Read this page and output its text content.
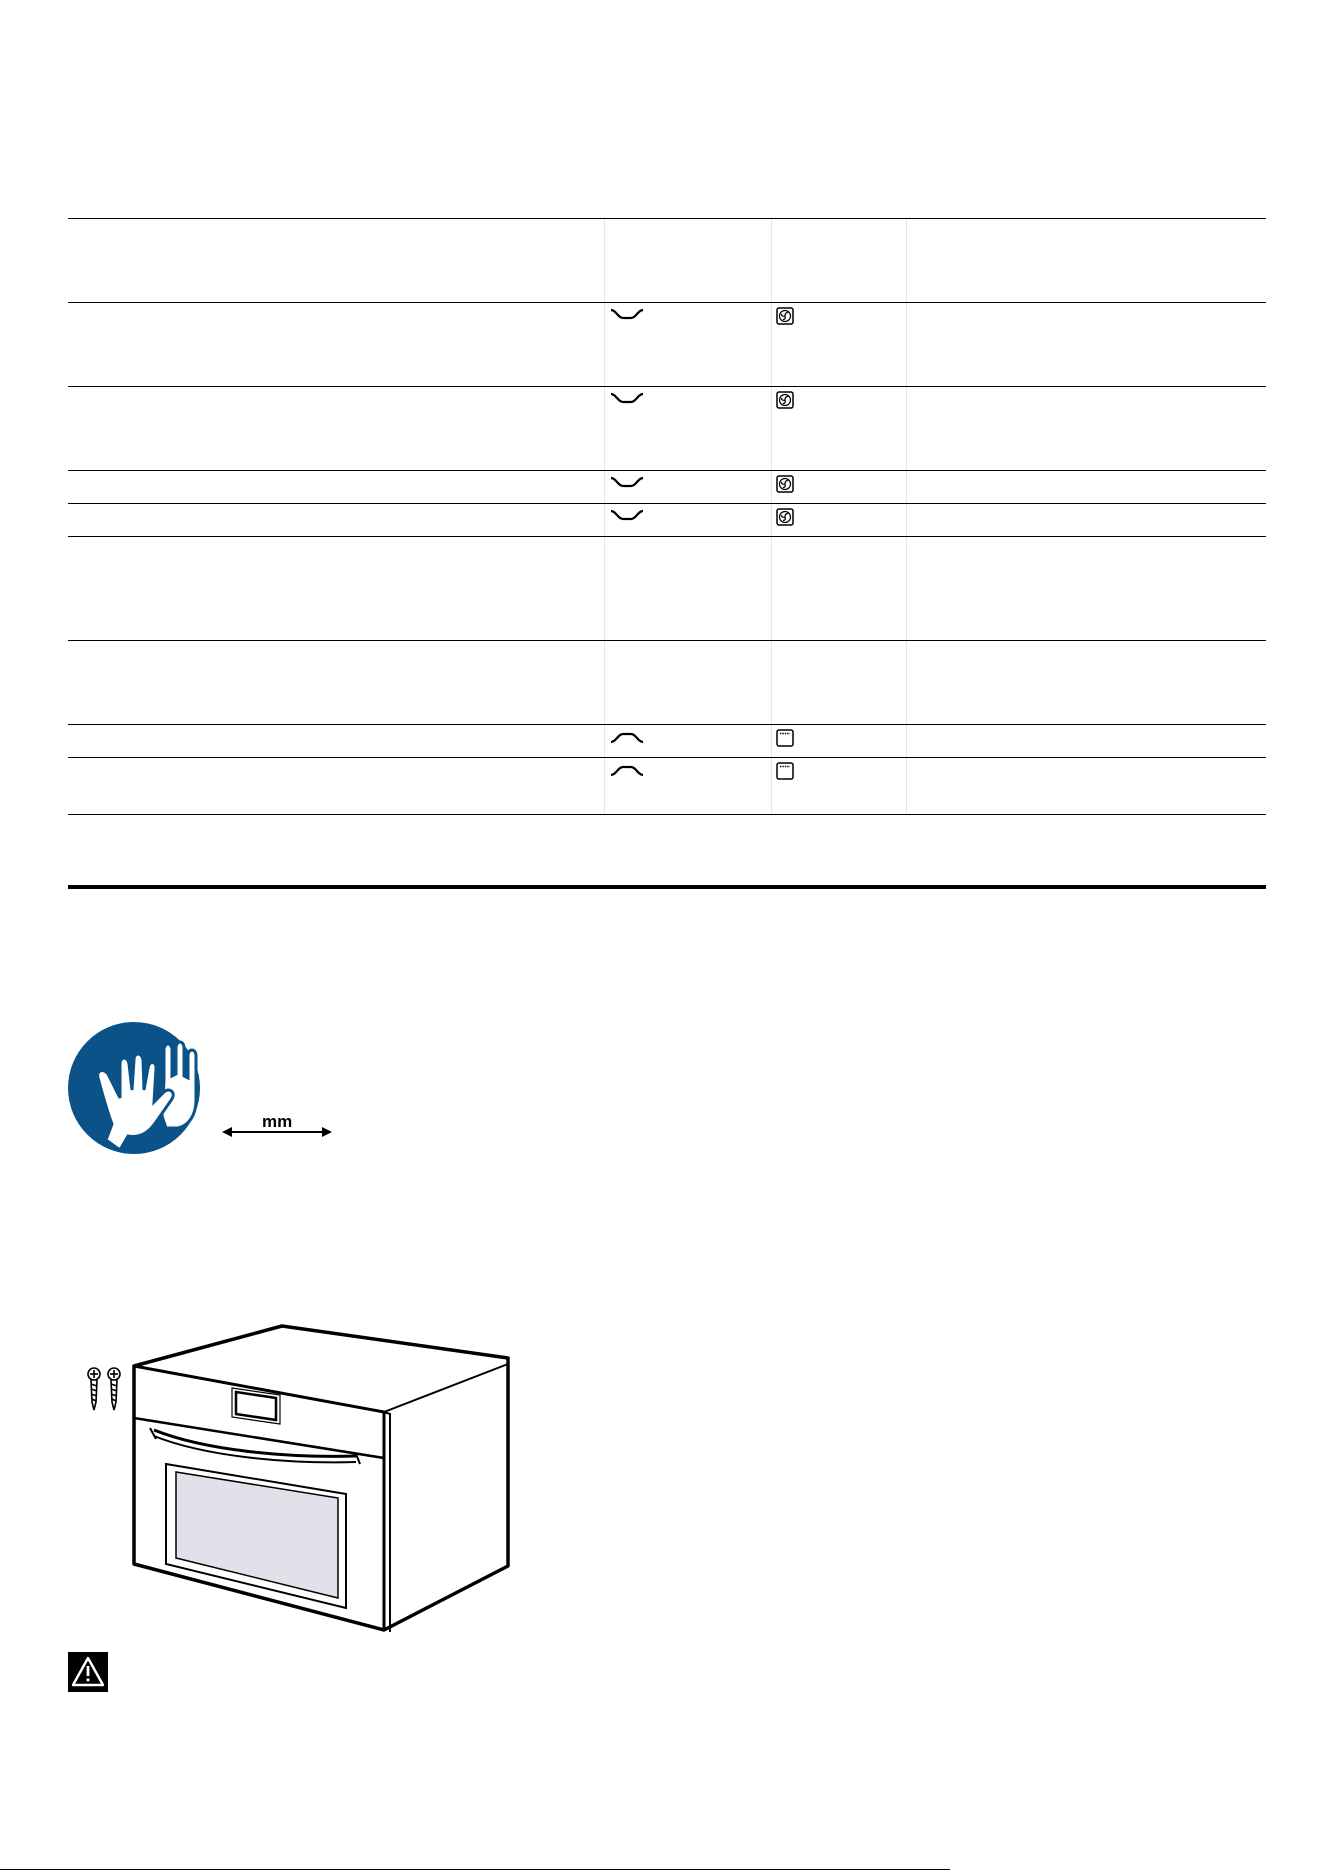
mm
